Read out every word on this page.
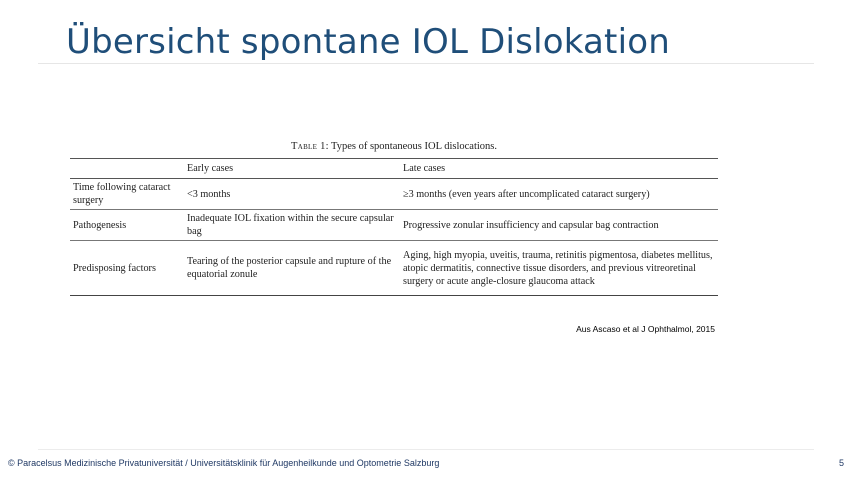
Übersicht spontane IOL Dislokation
Table 1: Types of spontaneous IOL dislocations.
	Early cases	Late cases
Time following cataract surgery	<3 months	≥3 months (even years after uncomplicated cataract surgery)
Pathogenesis	Inadequate IOL fixation within the secure capsular bag	Progressive zonular insufficiency and capsular bag contraction
Predisposing factors	Tearing of the posterior capsule and rupture of the equatorial zonule	Aging, high myopia, uveitis, trauma, retinitis pigmentosa, diabetes mellitus, atopic dermatitis, connective tissue disorders, and previous vitreoretinal surgery or acute angle-closure glaucoma attack
Aus Ascaso et al J Ophthalmol, 2015
© Paracelsus Medizinische Privatuniversität / Universitätsklinik für Augenheilkunde und Optometrie Salzburg	5
